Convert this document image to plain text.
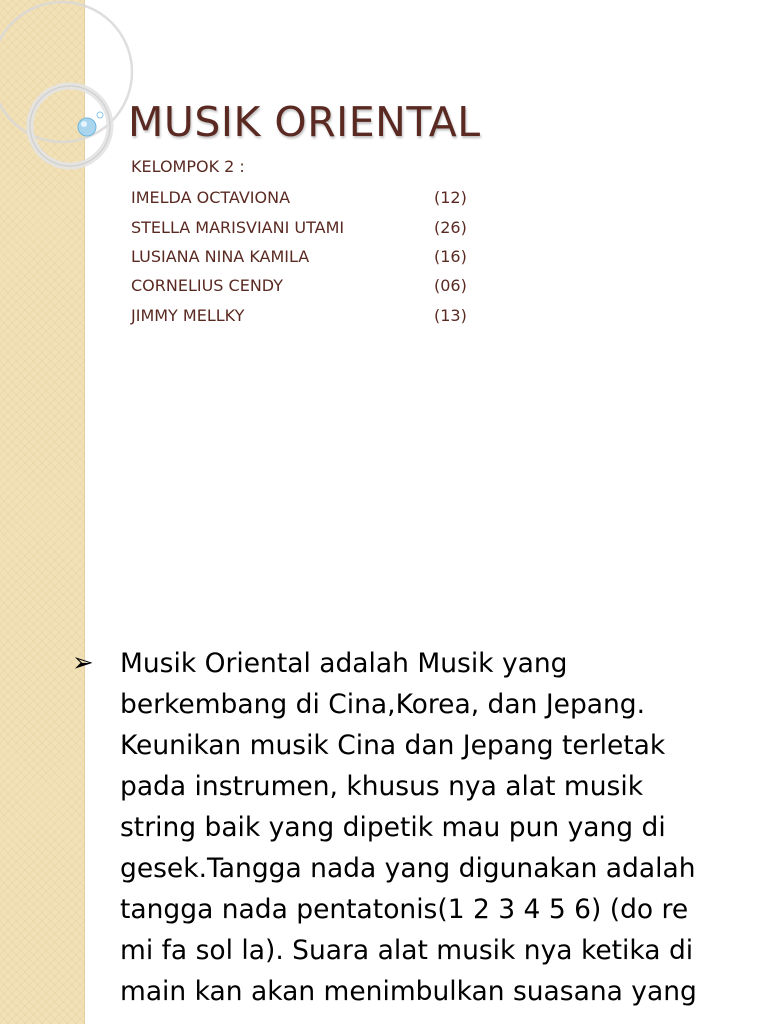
MUSIK ORIENTAL
KELOMPOK 2 :
IMELDA OCTAVIONA	(12)
STELLA MARISVIANI UTAMI	(26)
LUSIANA NINA KAMILA	(16)
CORNELIUS CENDY	(06)
JIMMY MELLKY	(13)
➢ Musik Oriental adalah Musik yang
berkembang di Cina,Korea, dan Jepang.
Keunikan musik Cina dan Jepang terletak
pada instrumen, khusus nya alat musik
string baik yang dipetik mau pun yang di
gesek.Tangga nada yang digunakan adalah
tangga nada pentatonis(1 2 3 4 5 6) (do re
mi fa sol la). Suara alat musik nya ketika di
main kan akan menimbulkan suasana yang
